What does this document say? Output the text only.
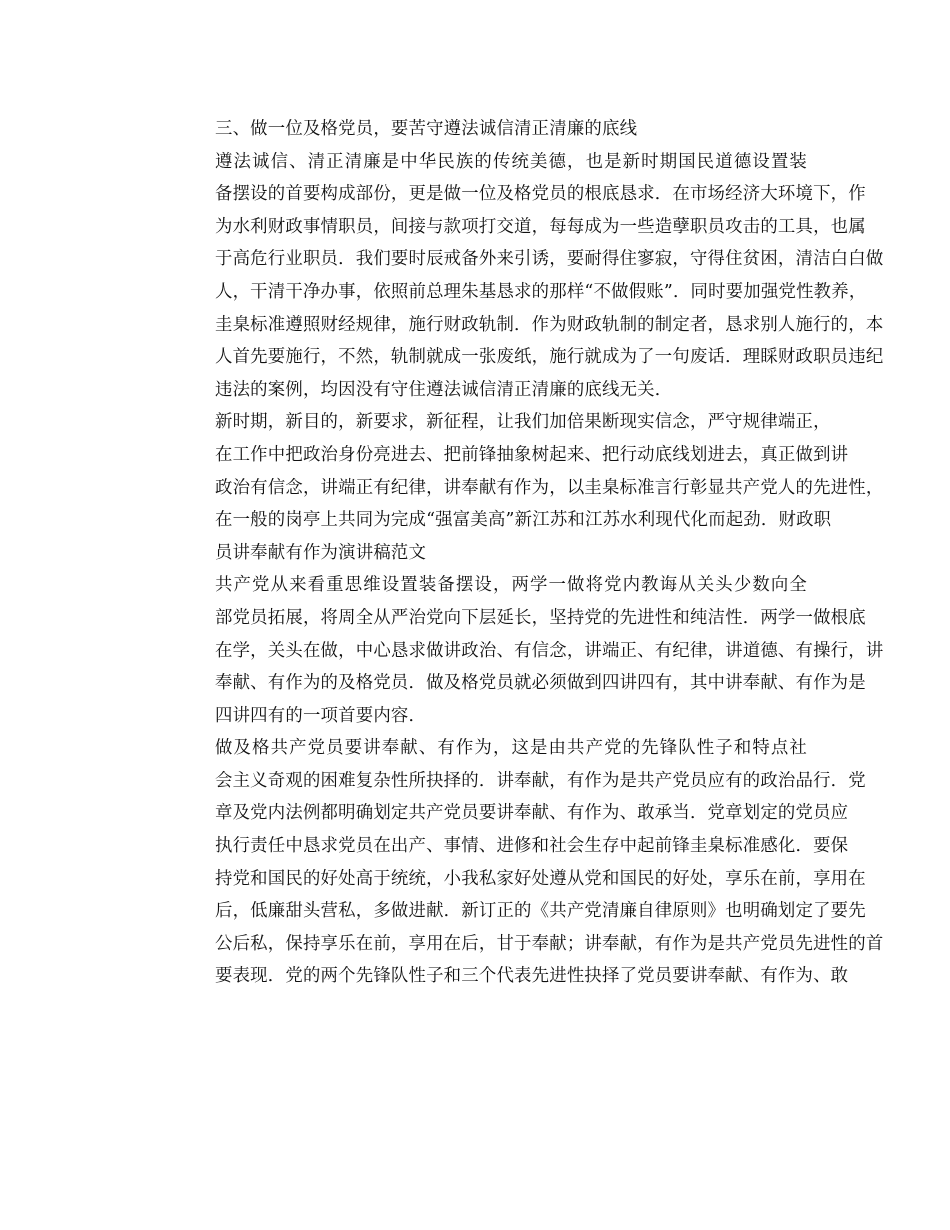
三、做一位及格党员，要苦守遵法诚信清正清廉的底线
遵法诚信、清正清廉是中华民族的传统美德，也是新时期国民道德设置装
备摆设的首要构成部份，更是做一位及格党员的根底恳求．在市场经济大环境下，作
为水利财政事情职员，间接与款项打交道，每每成为一些造孽职员攻击的工具，也属
于高危行业职员．我们要时辰戒备外来引诱，要耐得住寥寂，守得住贫困，清洁白白做
人，干清干净办事，依照前总理朱基恳求的那样“不做假账”．同时要加强党性教养，
圭臬标准遵照财经规律，施行财政轨制．作为财政轨制的制定者，恳求别人施行的，本
人首先要施行，不然，轨制就成一张废纸，施行就成为了一句废话．理睬财政职员违纪
违法的案例，均因没有守住遵法诚信清正清廉的底线无关．
新时期，新目的，新要求，新征程，让我们加倍果断现实信念，严守规律端正，
在工作中把政治身份亮进去、把前锋抽象树起来、把行动底线划进去，真正做到讲
政治有信念，讲端正有纪律，讲奉献有作为，以圭臬标准言行彰显共产党人的先进性，
在一般的岗亭上共同为完成“强富美高”新江苏和江苏水利现代化而起劲．财政职
员讲奉献有作为演讲稿范文
共产党从来看重思维设置装备摆设，两学一做将党内教诲从关头少数向全
部党员拓展，将周全从严治党向下层延长，坚持党的先进性和纯洁性．两学一做根底
在学，关头在做，中心恳求做讲政治、有信念，讲端正、有纪律，讲道德、有操行，讲
奉献、有作为的及格党员．做及格党员就必须做到四讲四有，其中讲奉献、有作为是
四讲四有的一项首要内容．
做及格共产党员要讲奉献、有作为，这是由共产党的先锋队性子和特点社
会主义奇观的困难复杂性所抉择的．讲奉献，有作为是共产党员应有的政治品行．党
章及党内法例都明确划定共产党员要讲奉献、有作为、敢承当．党章划定的党员应
执行责任中恳求党员在出产、事情、进修和社会生存中起前锋圭臬标准感化．要保
持党和国民的好处高于统统，小我私家好处遵从党和国民的好处，享乐在前，享用在
后，低廉甜头营私，多做进献．新订正的《共产党清廉自律原则》也明确划定了要先
公后私，保持享乐在前，享用在后，甘于奉献；讲奉献，有作为是共产党员先进性的首
要表现．党的两个先锋队性子和三个代表先进性抉择了党员要讲奉献、有作为、敢
